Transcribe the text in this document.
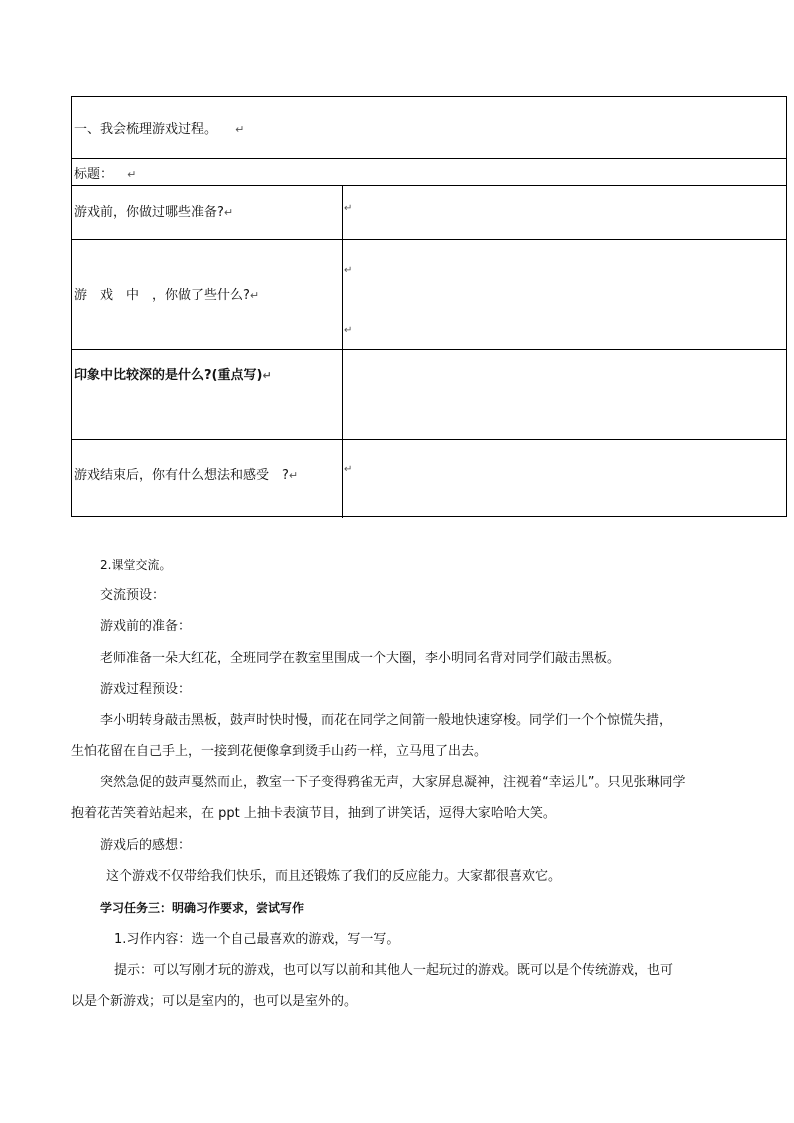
一、我会梳理游戏过程。 ↵
标题： ↵
游戏前，你做过哪些准备?↵	↵
游　戏　中　，你做了些什么?↵
↵
↵
印象中比较深的是什么?(重点写)↵
游戏结束后，你有什么想法和感受　?↵	↵
2.课堂交流。
交流预设：
游戏前的准备：
老师准备一朵大红花，全班同学在教室里围成一个大圈，李小明同名背对同学们敲击黑板。
游戏过程预设：
李小明转身敲击黑板，鼓声时快时慢，而花在同学之间箭一般地快速穿梭。同学们一个个惊慌失措，
生怕花留在自己手上，一接到花便像拿到烫手山药一样，立马甩了出去。
突然急促的鼓声戛然而止，教室一下子变得鸦雀无声，大家屏息凝神，注视着“幸运儿”。只见张琳同学
抱着花苦笑着站起来，在 ppt 上抽卡表演节目，抽到了讲笑话，逗得大家哈哈大笑。
游戏后的感想：
这个游戏不仅带给我们快乐，而且还锻炼了我们的反应能力。大家都很喜欢它。
学习任务三：明确习作要求，尝试写作
1.习作内容：选一个自己最喜欢的游戏，写一写。
提示：可以写刚才玩的游戏，也可以写以前和其他人一起玩过的游戏。既可以是个传统游戏，也可
以是个新游戏；可以是室内的，也可以是室外的。
